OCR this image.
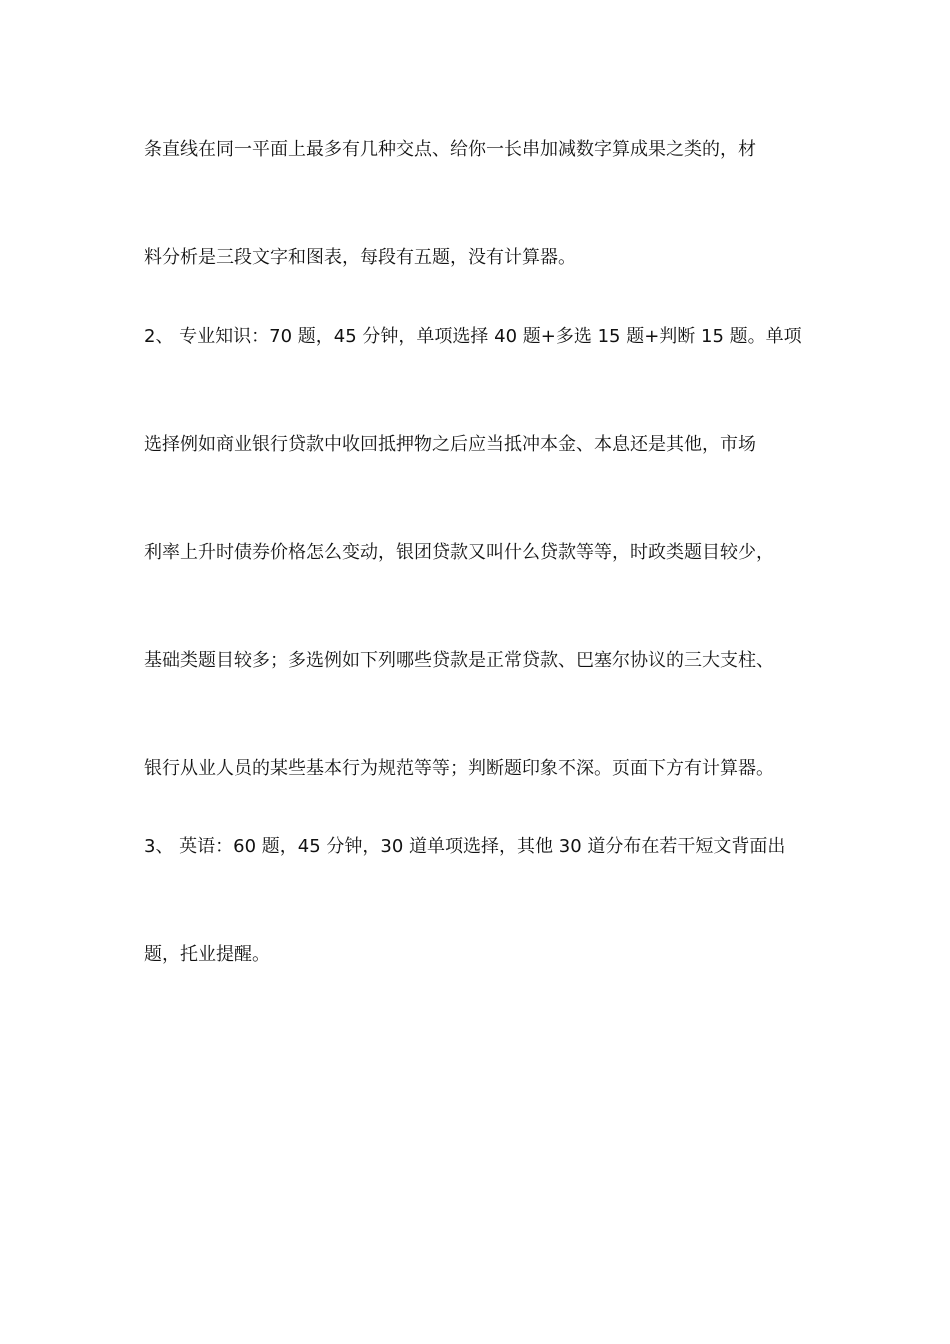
条直线在同一平面上最多有几种交点、给你一长串加减数字算成果之类的，材
料分析是三段文字和图表，每段有五题，没有计算器。
2、 专业知识：70 题，45 分钟，单项选择 40 题+多选 15 题+判断 15 题。单项
选择例如商业银行贷款中收回抵押物之后应当抵冲本金、本息还是其他，市场
利率上升时债券价格怎么变动，银团贷款又叫什么贷款等等，时政类题目较少，
基础类题目较多；多选例如下列哪些贷款是正常贷款、巴塞尔协议的三大支柱、
银行从业人员的某些基本行为规范等等；判断题印象不深。页面下方有计算器。
3、 英语：60 题，45 分钟，30 道单项选择，其他 30 道分布在若干短文背面出
题，托业提醒。
